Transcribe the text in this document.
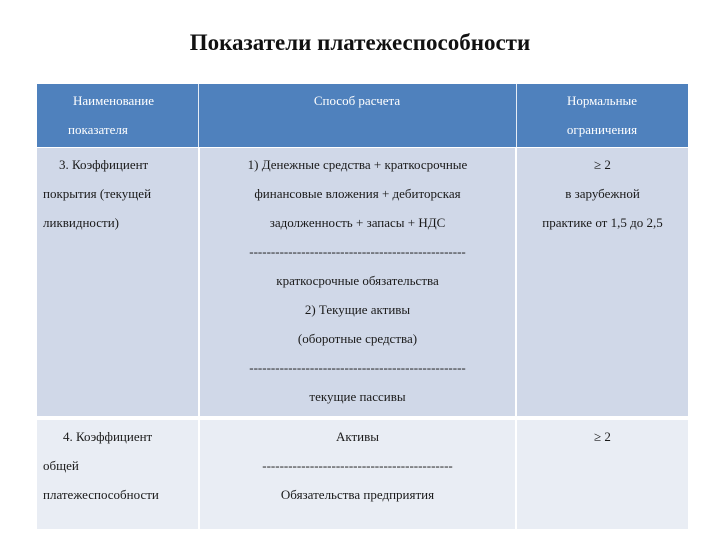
Показатели платежеспособности
Наименование
показателя
Способ расчета	Нормальные
ограничения
3. Коэффициент
покрытия (текущей
ликвидности)
1) Денежные средства + краткосрочные
финансовые вложения + дебиторская
задолженность + запасы + НДС
--------------------------------------------------
краткосрочные обязательства
2) Текущие активы
(оборотные средства)
--------------------------------------------------
текущие пассивы
≥ 2
в зарубежной
практике от 1,5 до 2,5
4. Коэффициент
общей
платежеспособности
Активы
--------------------------------------------
Обязательства предприятия
≥ 2
